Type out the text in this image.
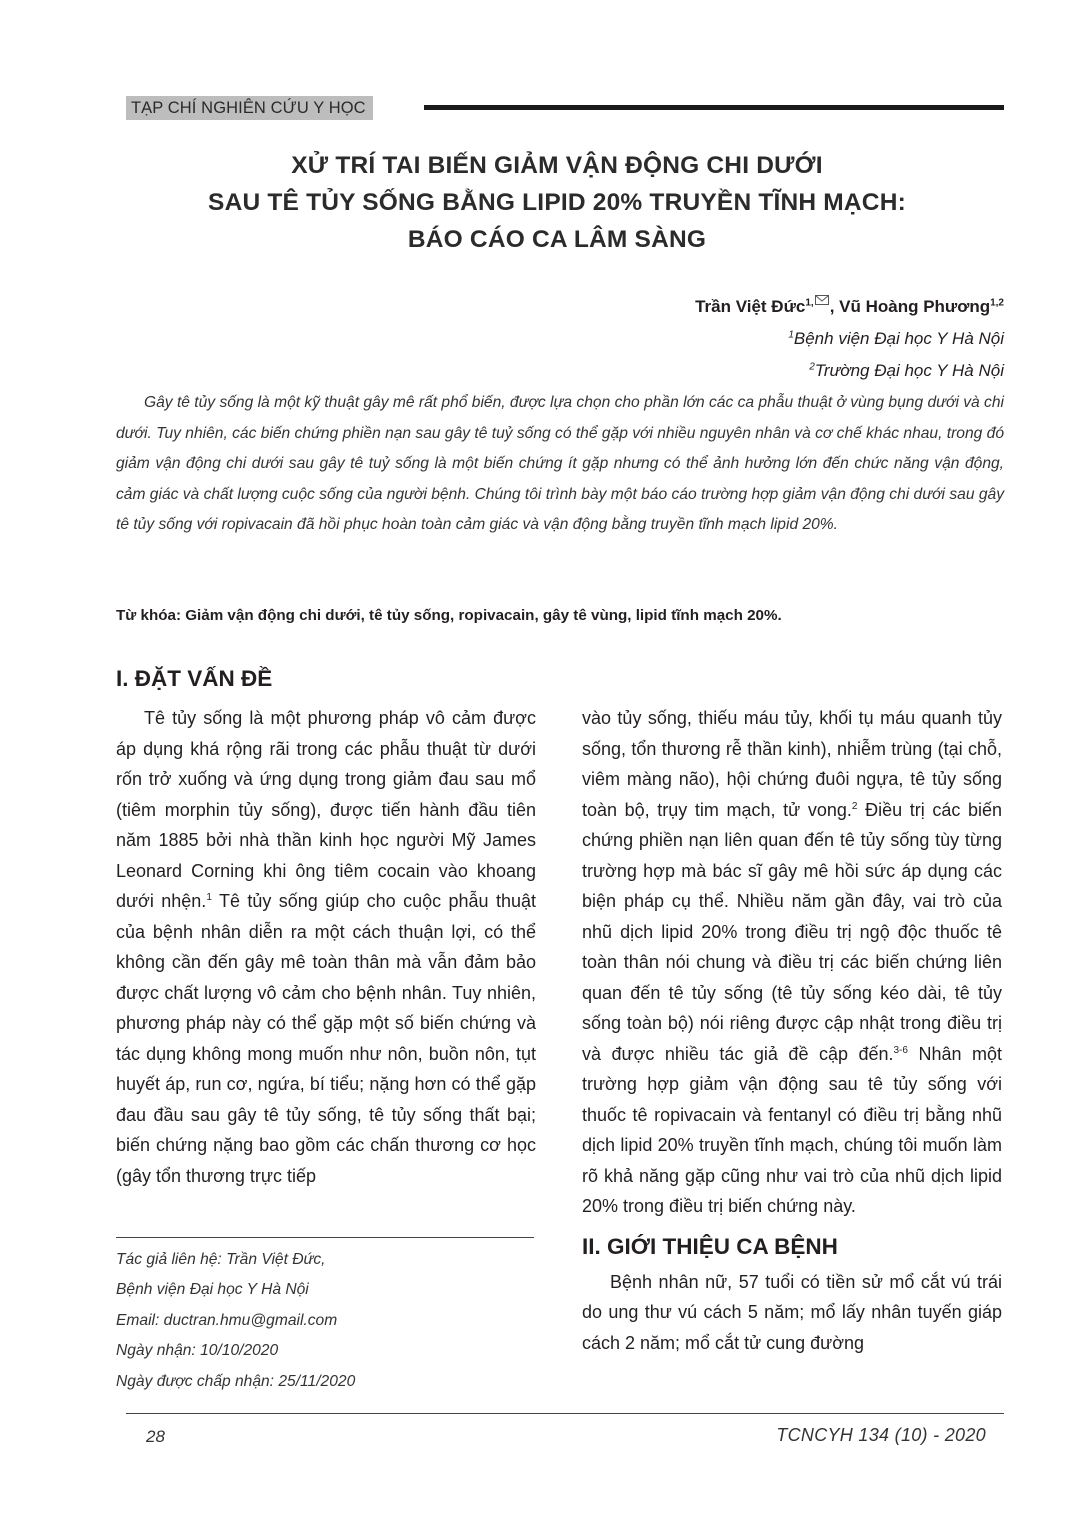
TẠP CHÍ NGHIÊN CỨU Y HỌC
XỬ TRÍ TAI BIẾN GIẢM VẬN ĐỘNG CHI DƯỚI
SAU TÊ TỦY SỐNG BẰNG LIPID 20% TRUYỀN TĨNH MẠCH:
BÁO CÁO CA LÂM SÀNG
Trần Việt Đức$^{1,}$ , Vũ Hoàng Phương$^{1,2}$
$^1$Bệnh viện Đại học Y Hà Nội
$^2$Trường Đại học Y Hà Nội
Gây tê tủy sống là một kỹ thuật gây mê rất phổ biến, được lựa chọn cho phần lớn các ca phẫu thuật ở vùng bụng dưới và chi dưới. Tuy nhiên, các biến chứng phiền nạn sau gây tê tuỷ sống có thể gặp với nhiều nguyên nhân và cơ chế khác nhau, trong đó giảm vận động chi dưới sau gây tê tuỷ sống là một biến chứng ít gặp nhưng có thể ảnh hưởng lớn đến chức năng vận động, cảm giác và chất lượng cuộc sống của người bệnh. Chúng tôi trình bày một báo cáo trường hợp giảm vận động chi dưới sau gây tê tủy sống với ropivacain đã hồi phục hoàn toàn cảm giác và vận động bằng truyền tĩnh mạch lipid 20%.
Từ khóa: Giảm vận động chi dưới, tê tủy sống, ropivacain, gây tê vùng, lipid tĩnh mạch 20%.
I. ĐẶT VẤN ĐỀ
Tê tủy sống là một phương pháp vô cảm được áp dụng khá rộng rãi trong các phẫu thuật từ dưới rốn trở xuống và ứng dụng trong giảm đau sau mổ (tiêm morphin tủy sống), được tiến hành đầu tiên năm 1885 bởi nhà thần kinh học người Mỹ James Leonard Corning khi ông tiêm cocain vào khoang dưới nhện.$^1$ Tê tủy sống giúp cho cuộc phẫu thuật của bệnh nhân diễn ra một cách thuận lợi, có thể không cần đến gây mê toàn thân mà vẫn đảm bảo được chất lượng vô cảm cho bệnh nhân. Tuy nhiên, phương pháp này có thể gặp một số biến chứng và tác dụng không mong muốn như nôn, buồn nôn, tụt huyết áp, run cơ, ngứa, bí tiểu; nặng hơn có thể gặp đau đầu sau gây tê tủy sống, tê tủy sống thất bại; biến chứng nặng bao gồm các chấn thương cơ học (gây tổn thương trực tiếp
vào tủy sống, thiếu máu tủy, khối tụ máu quanh tủy sống, tổn thương rễ thần kinh), nhiễm trùng (tại chỗ, viêm màng não), hội chứng đuôi ngựa, tê tủy sống toàn bộ, trụy tim mạch, tử vong.$^2$ Điều trị các biến chứng phiền nạn liên quan đến tê tủy sống tùy từng trường hợp mà bác sĩ gây mê hồi sức áp dụng các biện pháp cụ thể. Nhiều năm gần đây, vai trò của nhũ dịch lipid 20% trong điều trị ngộ độc thuốc tê toàn thân nói chung và điều trị các biến chứng liên quan đến tê tủy sống (tê tủy sống kéo dài, tê tủy sống toàn bộ) nói riêng được cập nhật trong điều trị và được nhiều tác giả đề cập đến.$^{3-6}$ Nhân một trường hợp giảm vận động sau tê tủy sống với thuốc tê ropivacain và fentanyl có điều trị bằng nhũ dịch lipid 20% truyền tĩnh mạch, chúng tôi muốn làm rõ khả năng gặp cũng như vai trò của nhũ dịch lipid 20% trong điều trị biến chứng này.
II. GIỚI THIỆU CA BỆNH
Bệnh nhân nữ, 57 tuổi có tiền sử mổ cắt vú trái do ung thư vú cách 5 năm; mổ lấy nhân tuyến giáp cách 2 năm; mổ cắt tử cung đường
Tác giả liên hệ: Trần Việt Đức,
Bệnh viện Đại học Y Hà Nội
Email: ductran.hmu@gmail.com
Ngày nhận: 10/10/2020
Ngày được chấp nhận: 25/11/2020
28	TCNCYH 134 (10) - 2020
